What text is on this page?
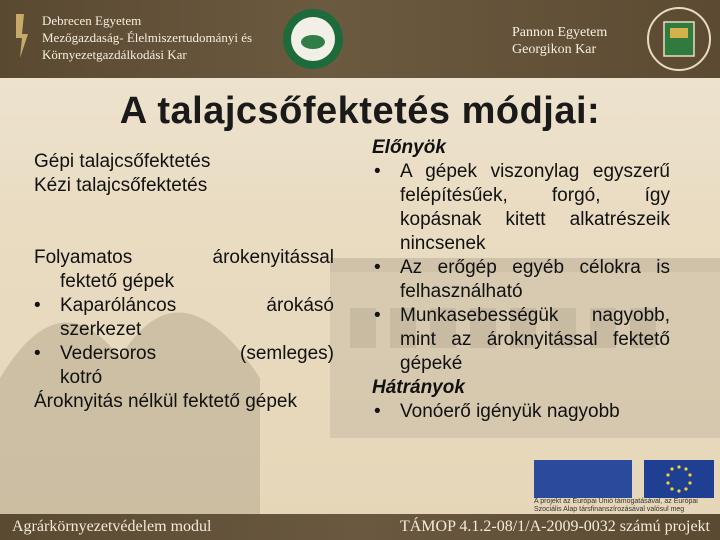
Debrecen Egyetem
Mezőgazdaság- Élelmiszertudományi és
Környezetgazdálkodási Kar
Pannon Egyetem
Georgikon Kar
A talajcsőfektetés módjai:
Gépi talajcsőfektetés
Kézi talajcsőfektetés
Folyamatos árokenyitással
fektető gépek
• Kaparóláncos árokásó
szerkezet
• Vedersoros (semleges)
kotró
Ároknyitás nélkül fektető gépek
Előnyök
• A gépek viszonylag egyszerű felépítésűek, forgó, így kopásnak kitett alkatrészeik nincsenek
• Az erőgép egyéb célokra is felhasználható
• Munkasebességük nagyobb, mint az ároknyitással fektető gépeké
Hátrányok
• Vonóerő igényük nagyobb
A projekt az Európai Unió támogatásával, az Európai Szociális Alap társfinanszírozásával valósul meg
Agrárkörnyezetvédelem modul	TÁMOP 4.1.2-08/1/A-2009-0032 számú projekt
